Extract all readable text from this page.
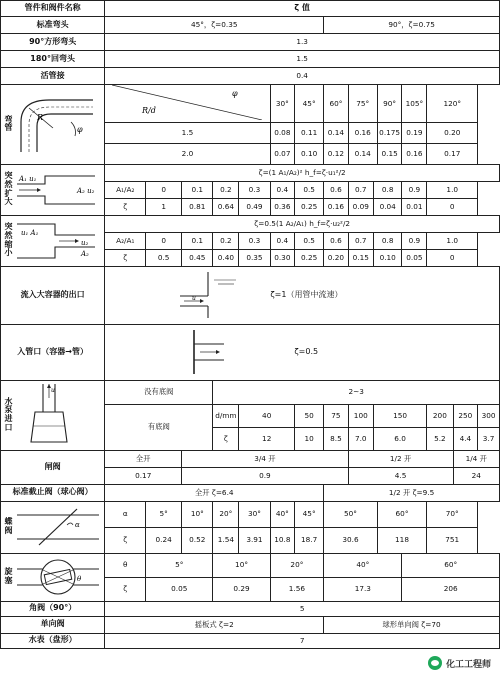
管件和阀件名称	ζ 值														
标准弯头	45°，ζ=0.35							90°，ζ=0.75							
90°方形弯头	1.3														
180°回弯头	1.5														
活管接	0.4														

弯管
R
φ	φ
R/d					30°	45°	60°	75°		90°	105°	120°		
	1.5					0.08	0.11	0.14	0.16		0.175	0.19	0.20		
	2.0					0.07	0.10	0.12	0.14		0.15	0.16	0.17		

突然扩大
A₁ u₁
A₂ u₂	ζ=(1 A₁/A₂)² h_f=ζ·u₁²/2														
	A₁/A₂	0	0.1	0.2	0.3	0.4	0.5	0.6	0.7	0.8		0.9	1.0		
	ζ	1	0.81	0.64	0.49	0.36	0.25	0.16	0.09	0.04		0.01	0		

突然缩小
u₁ A₁
u₂
A₂	ζ=0.5(1 A₂/A₁) h_f=ζ·u₂²/2														
	A₂/A₁	0	0.1	0.2	0.3	0.4	0.5	0.6	0.7	0.8		0.9	1.0		
	ζ	0.5	0.45	0.40	0.35	0.30	0.25	0.20	0.15	0.10		0.05	0		
流入大容器的出口	u ζ=1（用管中流速）														

入管口（容器→管）	ζ=0.5														

水泵进口
u	没有底阀			2~3											
	有底阀			d/mm	40		50	75	100	150			200	250	300
				ζ	12		10	8.5	7.0	6.0			5.2	4.4	3.7
闸阀	全开		3/4 开						1/2 开					1/4 开	
	0.17		0.9						4.5					24	
标准截止阀（球心阀）	全开 ζ=6.4							1/2 开 ζ=9.5							

蝶阀
α	α	5°	10°	20°	30°	40°	45°	50°			60°		70°		
	ζ	0.24	0.52	1.54	3.91	10.8	18.7	30.6			118		751		

旋塞 θ	θ	5°		10°		20°		40°				60°			
	ζ	0.05		0.29		1.56		17.3				206			
角阀（90°）	5														
单向阀	摇板式 ζ=2							球形单向阀 ζ=70							
水表（盘形）	7														
化工工程师
